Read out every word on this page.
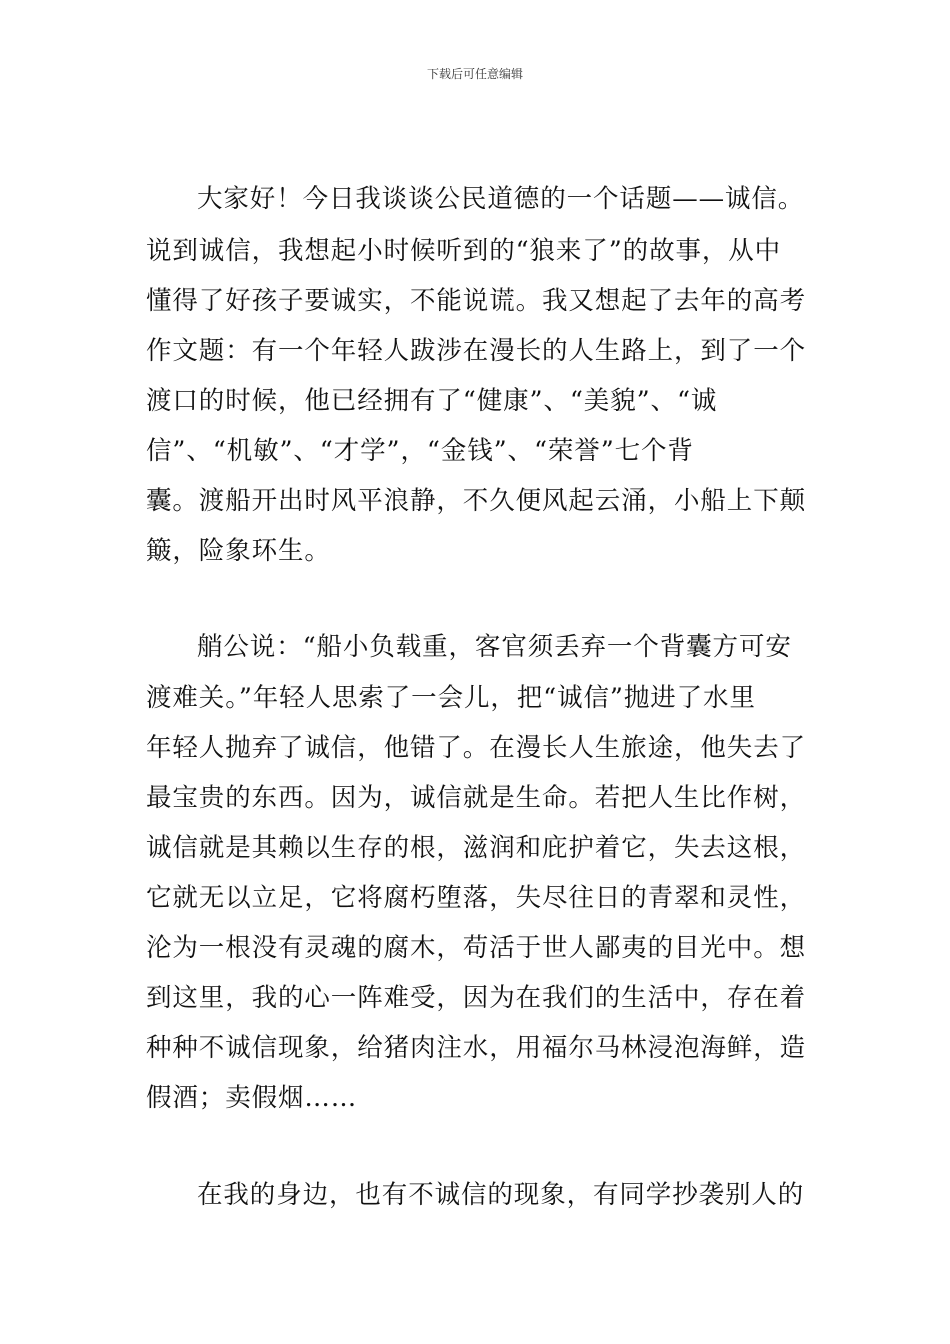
下载后可任意编辑
大家好！今日我谈谈公民道德的一个话题——诚信。
说到诚信，我想起小时候听到的“狼来了”的故事，从中
懂得了好孩子要诚实，不能说谎。我又想起了去年的高考
作文题：有一个年轻人跋涉在漫长的人生路上，到了一个
渡口的时候，他已经拥有了“健康”、“美貌”、“诚
信”、“机敏”、“才学”，“金钱”、“荣誉”七个背
囊。渡船开出时风平浪静，不久便风起云涌，小船上下颠
簸，险象环生。
艄公说：“船小负载重，客官须丢弃一个背囊方可安
渡难关。”年轻人思索了一会儿，把“诚信”抛进了水里
年轻人抛弃了诚信，他错了。在漫长人生旅途，他失去了
最宝贵的东西。因为，诚信就是生命。若把人生比作树，
诚信就是其赖以生存的根，滋润和庇护着它，失去这根，
它就无以立足，它将腐朽堕落，失尽往日的青翠和灵性，
沦为一根没有灵魂的腐木，苟活于世人鄙夷的目光中。想
到这里，我的心一阵难受，因为在我们的生活中，存在着
种种不诚信现象，给猪肉注水，用福尔马林浸泡海鲜，造
假酒；卖假烟……
在我的身边，也有不诚信的现象，有同学抄袭别人的
